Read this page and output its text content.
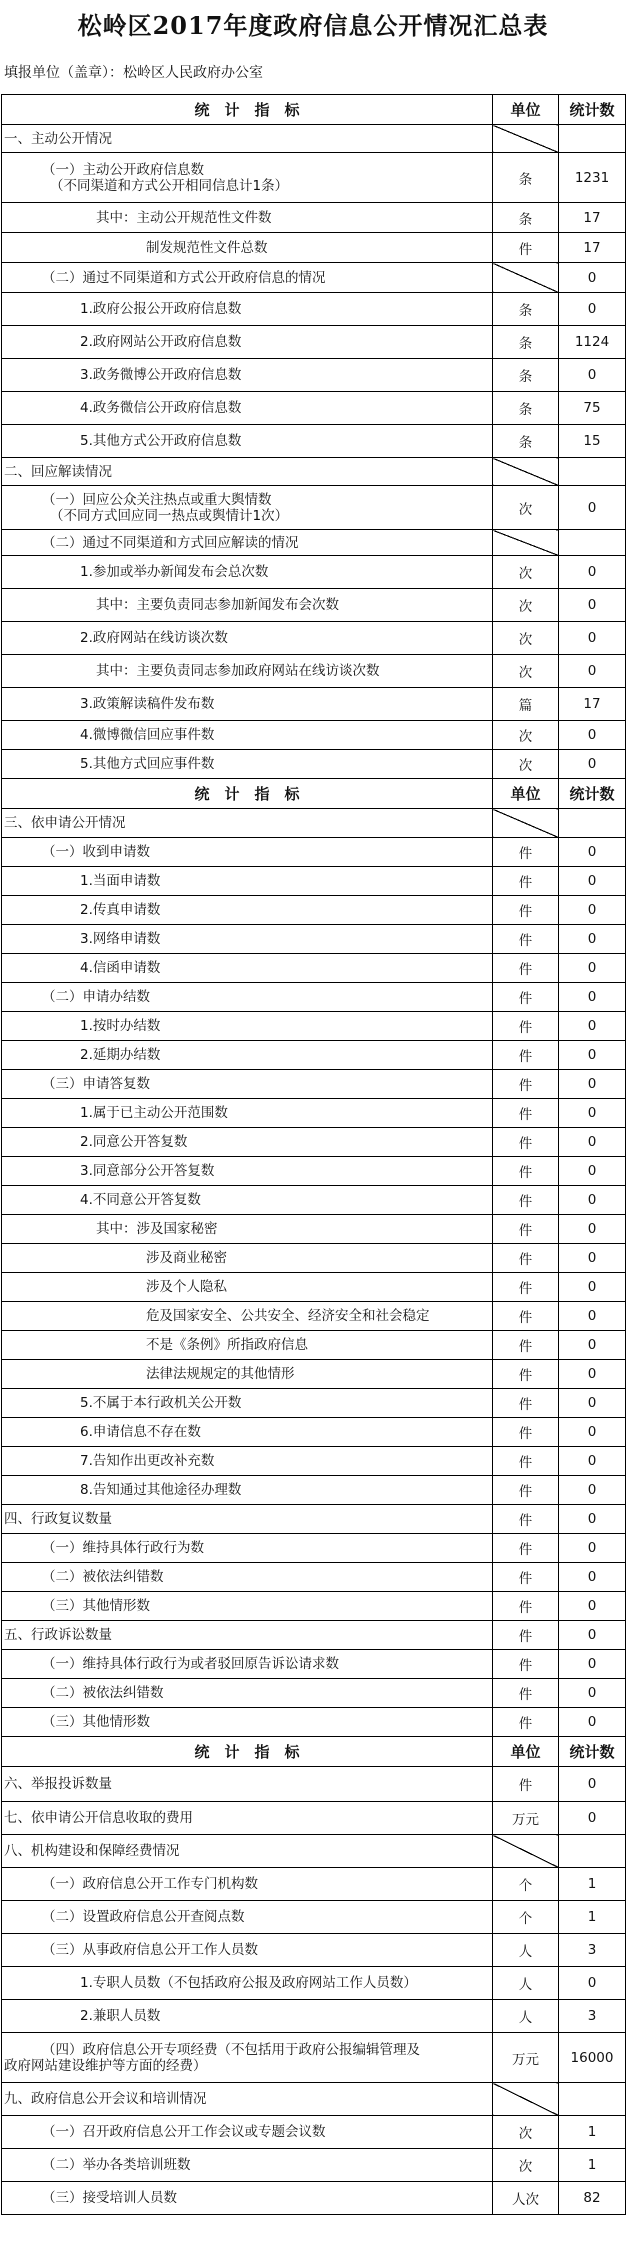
松岭区2017年度政府信息公开情况汇总表
填报单位（盖章）：松岭区人民政府办公室
统　计　指　标	单位	统计数

一、主动公开情况		

（一）主动公开政府信息数
（不同渠道和方式公开相同信息计1条）	条	1231

其中：主动公开规范性文件数	条	17

制发规范性文件总数	件	17

（二）通过不同渠道和方式公开政府信息的情况		0

1.政府公报公开政府信息数	条	0

2.政府网站公开政府信息数	条	1124

3.政务微博公开政府信息数	条	0

4.政务微信公开政府信息数	条	75

5.其他方式公开政府信息数	条	15

二、回应解读情况		

（一）回应公众关注热点或重大舆情数
（不同方式回应同一热点或舆情计1次）	次	0

（二）通过不同渠道和方式回应解读的情况		

1.参加或举办新闻发布会总次数	次	0

其中：主要负责同志参加新闻发布会次数	次	0

2.政府网站在线访谈次数	次	0

其中：主要负责同志参加政府网站在线访谈次数	次	0

3.政策解读稿件发布数	篇	17

4.微博微信回应事件数	次	0

5.其他方式回应事件数	次	0
统　计　指　标	单位	统计数

三、依申请公开情况		

（一）收到申请数	件	0

1.当面申请数	件	0

2.传真申请数	件	0

3.网络申请数	件	0

4.信函申请数	件	0

（二）申请办结数	件	0

1.按时办结数	件	0

2.延期办结数	件	0

（三）申请答复数	件	0

1.属于已主动公开范围数	件	0

2.同意公开答复数	件	0

3.同意部分公开答复数	件	0

4.不同意公开答复数	件	0

其中：涉及国家秘密	件	0

涉及商业秘密	件	0

涉及个人隐私	件	0

危及国家安全、公共安全、经济安全和社会稳定	件	0

不是《条例》所指政府信息	件	0

法律法规规定的其他情形	件	0

5.不属于本行政机关公开数	件	0

6.申请信息不存在数	件	0

7.告知作出更改补充数	件	0

8.告知通过其他途径办理数	件	0

四、行政复议数量	件	0

（一）维持具体行政行为数	件	0

（二）被依法纠错数	件	0

（三）其他情形数	件	0

五、行政诉讼数量	件	0

（一）维持具体行政行为或者驳回原告诉讼请求数	件	0

（二）被依法纠错数	件	0

（三）其他情形数	件	0
统　计　指　标	单位	统计数

六、举报投诉数量	件	0

七、依申请公开信息收取的费用	万元	0

八、机构建设和保障经费情况		

（一）政府信息公开工作专门机构数	个	1

（二）设置政府信息公开查阅点数	个	1

（三）从事政府信息公开工作人员数	人	3

1.专职人员数（不包括政府公报及政府网站工作人员数）	人	0

2.兼职人员数	人	3

（四）政府信息公开专项经费（不包括用于政府公报编辑管理及
政府网站建设维护等方面的经费）	万元	16000

九、政府信息公开会议和培训情况		

（一）召开政府信息公开工作会议或专题会议数	次	1

（二）举办各类培训班数	次	1

（三）接受培训人员数	人次	82
